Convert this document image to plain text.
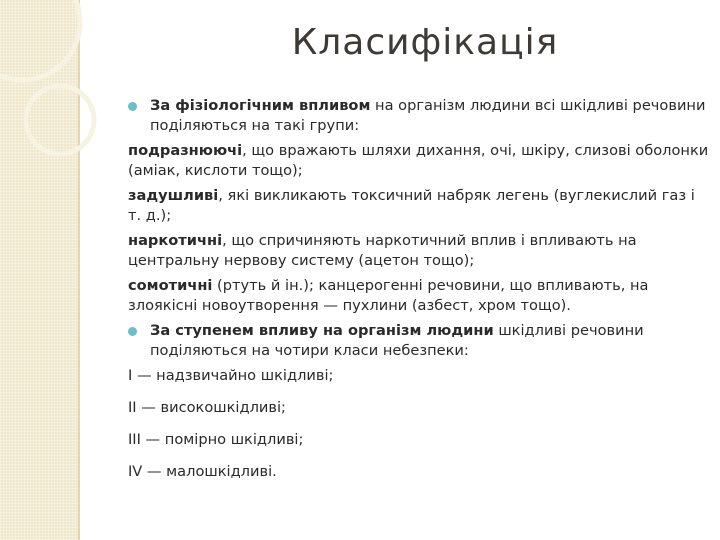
Класифікація
За фізіологічним впливом на організм людини всі шкідливі речовини поділяються на такі групи:
подразнюючі, що вражають шляхи дихання, очі, шкіру, слизові оболонки (аміак, кислоти тощо);
задушливі, які викликають токсичний набряк легень (вуглекислий газ і т. д.);
наркотичні, що спричиняють наркотичний вплив і впливають на центральну нервову систему (ацетон тощо);
сомотичні (ртуть й ін.); канцерогенні речовини, що впливають, на злоякісні новоутворення — пухлини (азбест, хром тощо).
За ступенем впливу на організм людини шкідливі речовини поділяються на чотири класи небезпеки:
I — надзвичайно шкідливі;
II — високошкідливі;
III — помірно шкідливі;
IV — малошкідливі.
